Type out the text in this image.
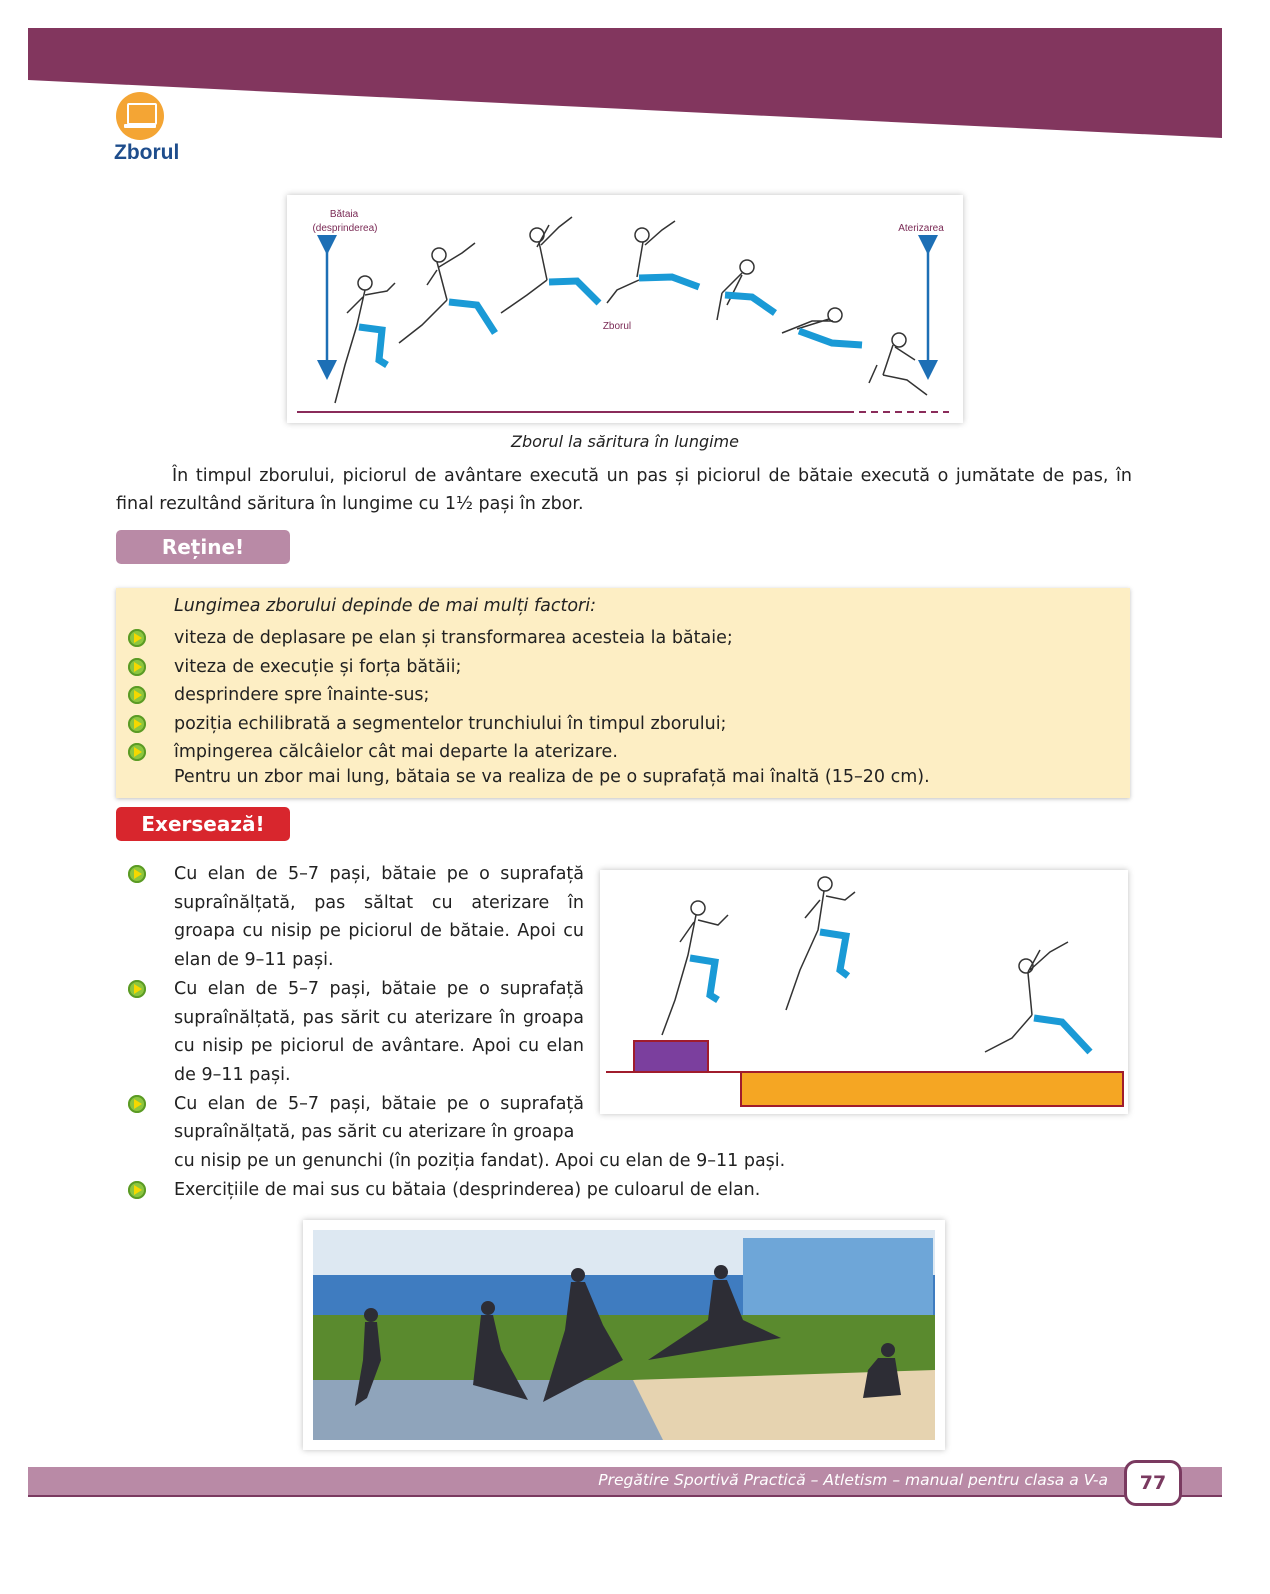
Zborul
Bătaia
(desprinderea)
Zborul
Aterizarea
Zborul la săritura în lungime
În timpul zborului, piciorul de avântare execută un pas și piciorul de bătaie execută o jumătate de pas, în final rezultând săritura în lungime cu 1½ pași în zbor.
Reține!
Lungimea zborului depinde de mai mulți factori:
viteza de deplasare pe elan și transformarea acesteia la bătaie;
viteza de execuție și forța bătăii;
desprindere spre înainte-sus;
poziția echilibrată a segmentelor trunchiului în timpul zborului;
împingerea călcâielor cât mai departe la aterizare.
Pentru un zbor mai lung, bătaia se va realiza de pe o suprafață mai înaltă (15–20 cm).
Exersează!
Cu elan de 5–7 pași, bătaie pe o suprafață supraînălțată, pas săltat cu aterizare în groapa cu nisip pe piciorul de bătaie. Apoi cu elan de 9–11 pași.
Cu elan de 5–7 pași, bătaie pe o suprafață supraînălțată, pas sărit cu aterizare în groapa cu nisip pe piciorul de avântare. Apoi cu elan de 9–11 pași.
Cu elan de 5–7 pași, bătaie pe o suprafață supraînălțată, pas sărit cu aterizare în groapa
cu nisip pe un genunchi (în poziția fandat). Apoi cu elan de 9–11 pași.
Exercițiile de mai sus cu bătaia (desprinderea) pe culoarul de elan.
Pregătire Sportivă Practică – Atletism – manual pentru clasa a V-a	77
